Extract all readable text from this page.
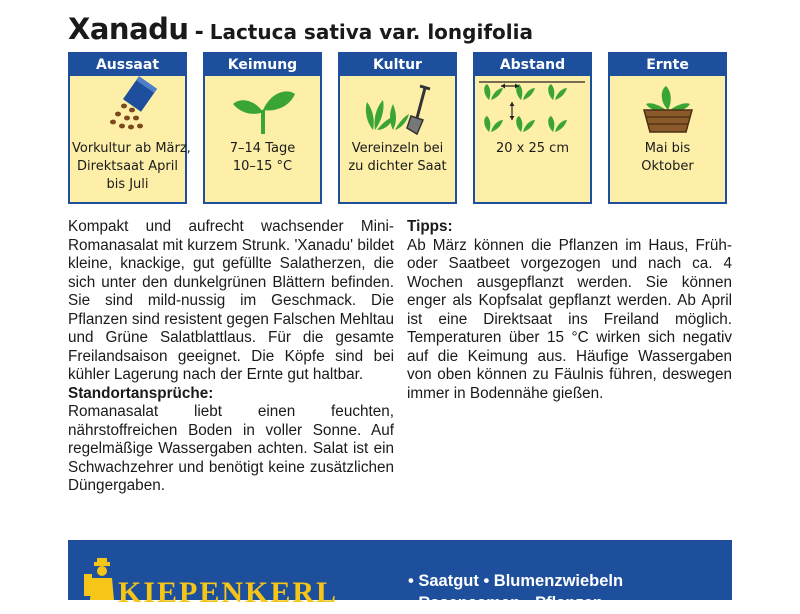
Xanadu - Lactuca sativa var. longifolia
Aussaat
Vorkultur ab März,
Direktsaat April
bis Juli
Keimung
7–14 Tage
10–15 °C
Kultur
Vereinzeln bei
zu dichter Saat
Abstand
20 x 25 cm
Ernte
Mai bis
Oktober

Kompakt und aufrecht wachsender Mini-Romanasalat mit kurzem Strunk. 'Xanadu' bildet kleine, knackige, gut gefüllte Salatherzen, die sich unter den dunkelgrünen Blättern befinden. Sie sind mild-nussig im Geschmack. Die Pflanzen sind resistent gegen Falschen Mehltau und Grüne Salatblattlaus. Für die gesamte Freilandsaison geeignet. Die Köpfe sind bei kühler Lagerung nach der Ernte gut haltbar.

Standortansprüche:

Romanasalat liebt einen feuchten, nährstoffreichen Boden in voller Sonne. Auf regelmäßige Wassergaben achten. Salat ist ein Schwachzehrer und benötigt keine zusätzlichen Düngergaben.

Tipps:

Ab März können die Pflanzen im Haus, Früh- oder Saatbeet vorgezogen und nach ca. 4 Wochen ausgepflanzt werden. Sie können enger als Kopfsalat gepflanzt werden. Ab April ist eine Direktsaat ins Freiland möglich. Temperaturen über 15 °C wirken sich negativ auf die Keimung aus. Häufige Wassergaben von oben können zu Fäulnis führen, deswegen immer in Bodennähe gießen.

KIEPENKERL	• Saatgut • Blumenzwiebeln
• Rasensamen • Pflanzen
